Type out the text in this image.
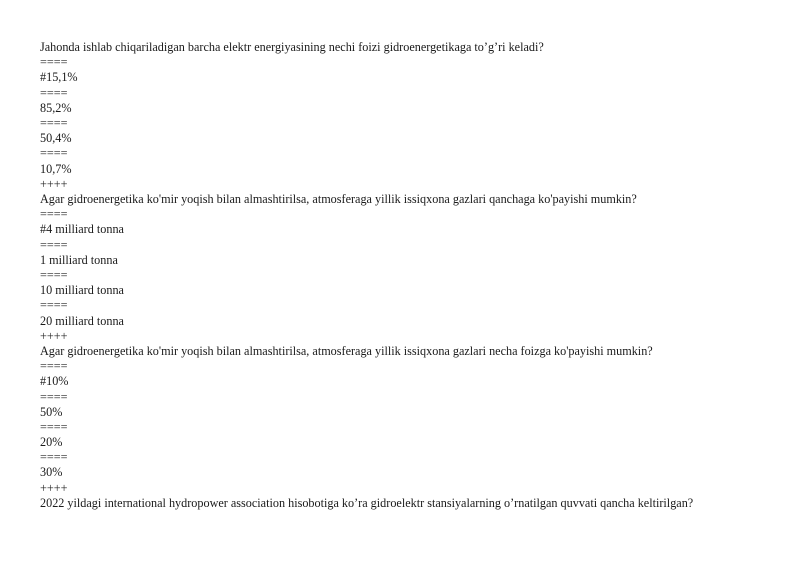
Jahonda ishlab chiqariladigan barcha elektr energiyasining nechi foizi gidroenergetikaga to’g’ri keladi?
====
#15,1%
====
85,2%
====
50,4%
====
10,7%
++++
Agar gidroenergetika ko'mir yoqish bilan almashtirilsa, atmosferaga yillik issiqxona gazlari qanchaga ko'payishi mumkin?
====
#4 milliard tonna
====
1 milliard tonna
====
10 milliard tonna
====
20 milliard tonna
++++
Agar gidroenergetika ko'mir yoqish bilan almashtirilsa, atmosferaga yillik issiqxona gazlari necha foizga ko'payishi mumkin?
====
#10%
====
50%
====
20%
====
30%
++++
2022 yildagi international hydropower association hisobotiga ko’ra gidroelektr stansiyalarning o’rnatilgan quvvati qancha keltirilgan?
